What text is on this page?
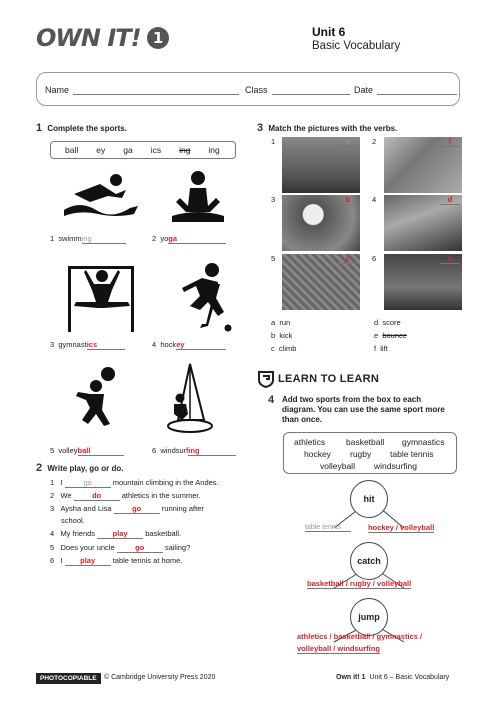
OWN IT! 1	Unit 6
Basic Vocabulary
Name	Class	Date
1 Complete the sports.
ball ey ga ics ing ing
1 swimming	2 yoga
3 gymnastics	4 hockey
5 volleyball	6 windsurfing
2 Write play, go or do.
1 I	go	mountain climbing in the Andes.
2 We	do	athletics in the summer.
3 Aysha and Lisa	go	running after
school.
4 My friends play basketball.
5 Does your uncle	go	sailing?
6 I play table tennis at home.
3 Match the pictures with the verbs.
1	e	2	f
3	b	4	d
5	c	6	a
a run
b kick
c climb
d score
e bounce
f lift
LEARN TO LEARN
4 Add two sports from the box to each
diagram. You can use the same sport more
than once.
athletics basketball gymnastics
hockey rugby table tennis
volleyball windsurfing
hit
table tennis	hockey / volleyball
catch
basketball / rugby / volleyball
jump
athletics / basketball / gymnastics /
volleyball / windsurfing
PHOTOCOPIABLE	© Cambridge University Press 2020	Own it! 1 Unit 6 – Basic Vocabulary
